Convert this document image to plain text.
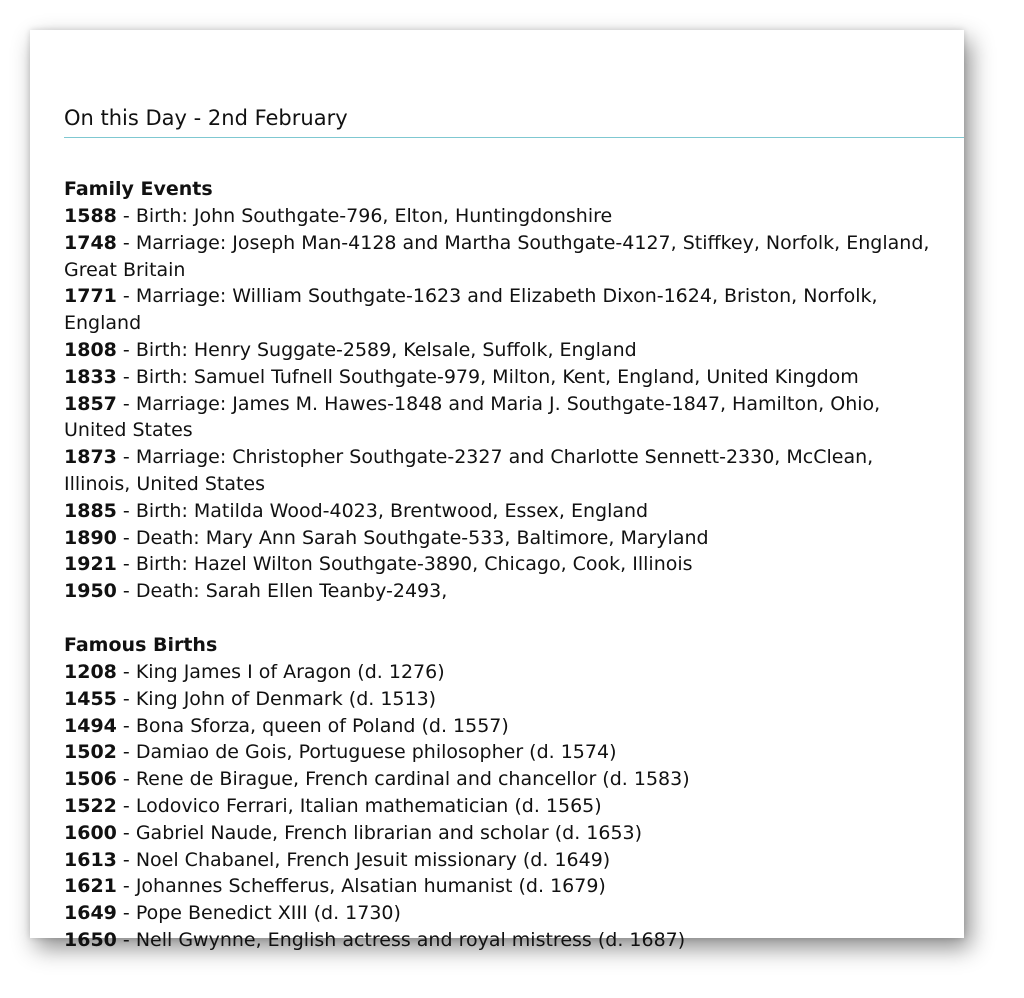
On this Day - 2nd February
Family Events
1588 - Birth: John Southgate-796, Elton, Huntingdonshire
1748 - Marriage: Joseph Man-4128 and Martha Southgate-4127, Stiffkey, Norfolk, England, Great Britain
1771 - Marriage: William Southgate-1623 and Elizabeth Dixon-1624, Briston, Norfolk, England
1808 - Birth: Henry Suggate-2589, Kelsale, Suffolk, England
1833 - Birth: Samuel Tufnell Southgate-979, Milton, Kent, England, United Kingdom
1857 - Marriage: James M. Hawes-1848 and Maria J. Southgate-1847, Hamilton, Ohio, United States
1873 - Marriage: Christopher Southgate-2327 and Charlotte Sennett-2330, McClean, Illinois, United States
1885 - Birth: Matilda Wood-4023, Brentwood, Essex, England
1890 - Death: Mary Ann Sarah Southgate-533, Baltimore, Maryland
1921 - Birth: Hazel Wilton Southgate-3890, Chicago, Cook, Illinois
1950 - Death: Sarah Ellen Teanby-2493,
Famous Births
1208 - King James I of Aragon (d. 1276)
1455 - King John of Denmark (d. 1513)
1494 - Bona Sforza, queen of Poland (d. 1557)
1502 - Damiao de Gois, Portuguese philosopher (d. 1574)
1506 - Rene de Birague, French cardinal and chancellor (d. 1583)
1522 - Lodovico Ferrari, Italian mathematician (d. 1565)
1600 - Gabriel Naude, French librarian and scholar (d. 1653)
1613 - Noel Chabanel, French Jesuit missionary (d. 1649)
1621 - Johannes Schefferus, Alsatian humanist (d. 1679)
1649 - Pope Benedict XIII (d. 1730)
1650 - Nell Gwynne, English actress and royal mistress (d. 1687)
